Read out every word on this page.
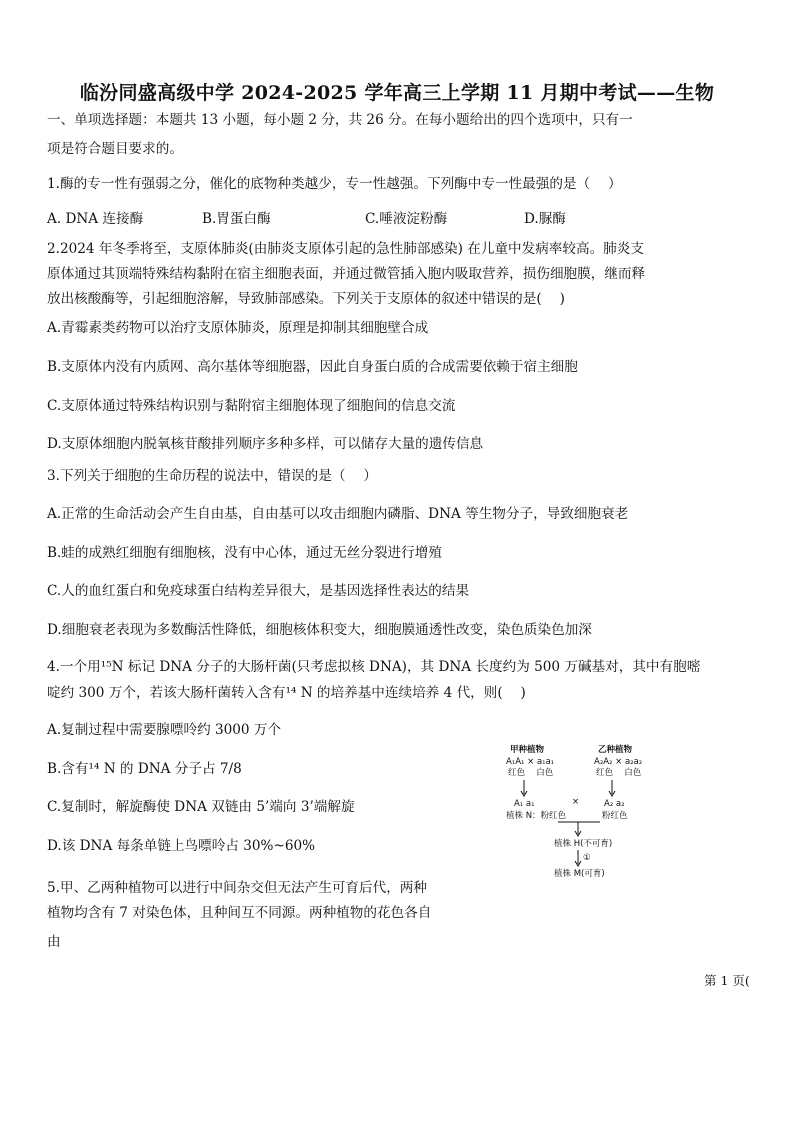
临汾同盛高级中学 2024-2025 学年高三上学期 11 月期中考试——生物
一、单项选择题：本题共 13 小题，每小题 2 分，共 26 分。在每小题给出的四个选项中，只有一
项是符合题目要求的。
1.酶的专一性有强弱之分，催化的底物种类越少，专一性越强。下列酶中专一性最强的是（　 ）
A. DNA 连接酶	B.胃蛋白酶	C.唾液淀粉酶	D.脲酶
2.2024 年冬季将至，支原体肺炎(由肺炎支原体引起的急性肺部感染) 在儿童中发病率较高。肺炎支
原体通过其顶端特殊结构黏附在宿主细胞表面，并通过微管插入胞内吸取营养，损伤细胞膜，继而释
放出核酸酶等，引起细胞溶解，导致肺部感染。下列关于支原体的叙述中错误的是(　 )
A.青霉素类药物可以治疗支原体肺炎，原理是抑制其细胞壁合成
B.支原体内没有内质网、高尔基体等细胞器，因此自身蛋白质的合成需要依赖于宿主细胞
C.支原体通过特殊结构识别与黏附宿主细胞体现了细胞间的信息交流
D.支原体细胞内脱氧核苷酸排列顺序多种多样，可以储存大量的遗传信息
3.下列关于细胞的生命历程的说法中，错误的是（　 ）
A.正常的生命活动会产生自由基，自由基可以攻击细胞内磷脂、DNA 等生物分子，导致细胞衰老
B.蛙的成熟红细胞有细胞核，没有中心体，通过无丝分裂进行增殖
C.人的血红蛋白和免疫球蛋白结构差异很大，是基因选择性表达的结果
D.细胞衰老表现为多数酶活性降低，细胞核体积变大，细胞膜通透性改变，染色质染色加深
4.一个用¹⁵N 标记 DNA 分子的大肠杆菌(只考虑拟核 DNA)，其 DNA 长度约为 500 万碱基对，其中有胞嘧
啶约 300 万个，若该大肠杆菌转入含有¹⁴ N 的培养基中连续培养 4 代，则(　 )
A.复制过程中需要腺嘌呤约 3000 万个
B.含有¹⁴ N 的 DNA 分子占 7/8
C.复制时，解旋酶使 DNA 双链由 5’端向 3’端解旋
D.该 DNA 每条单链上鸟嘌呤占 30%~60%
5.甲、乙两种植物可以进行中间杂交但无法产生可育后代，两种
植物均含有 7 对染色体，且种间互不同源。两种植物的花色各自
由
甲种植物
A₁A₁ × a₁a₁
红色　 白色
A₁ a₁
植株 N：粉红色
乙种植物
A₂A₂ × a₂a₂
红色　 白色
A₂ a₂
粉红色
×
植株 H(不可育)
①
植株 M(可育)
第 1 页(
